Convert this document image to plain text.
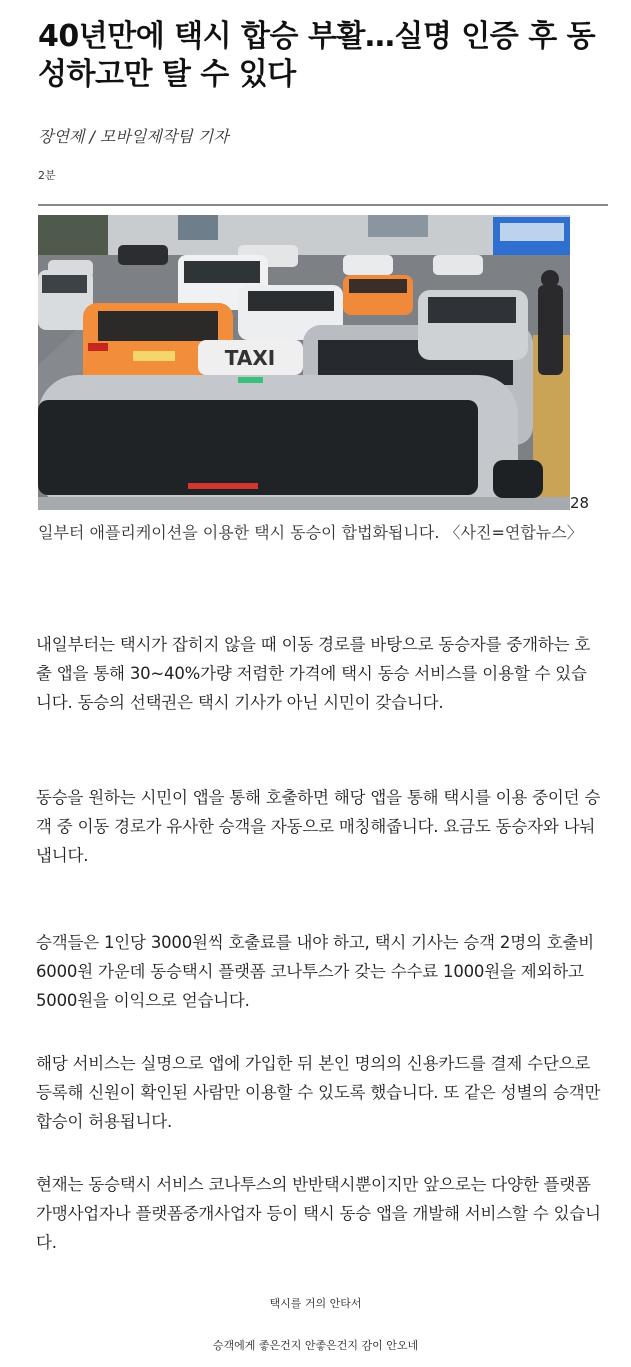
40년만에 택시 합승 부활…실명 인증 후 동성하고만 탈 수 있다
장연제 / 모바일제작팀 기자
2분
TAXI
28
일부터 애플리케이션을 이용한 택시 동승이 합법화됩니다. 〈사진=연합뉴스〉

내일부터는 택시가 잡히지 않을 때 이동 경로를 바탕으로 동승자를 중개하는 호출 앱을 통해 30~40%가량 저렴한 가격에 택시 동승 서비스를 이용할 수 있습니다. 동승의 선택권은 택시 기사가 아닌 시민이 갖습니다.

동승을 원하는 시민이 앱을 통해 호출하면 해당 앱을 통해 택시를 이용 중이던 승객 중 이동 경로가 유사한 승객을 자동으로 매칭해줍니다. 요금도 동승자와 나눠 냅니다.

승객들은 1인당 3000원씩 호출료를 내야 하고, 택시 기사는 승객 2명의 호출비 6000원 가운데 동승택시 플랫폼 코나투스가 갖는 수수료 1000원을 제외하고 5000원을 이익으로 얻습니다.

해당 서비스는 실명으로 앱에 가입한 뒤 본인 명의의 신용카드를 결제 수단으로 등록해 신원이 확인된 사람만 이용할 수 있도록 했습니다. 또 같은 성별의 승객만 합승이 허용됩니다.

현재는 동승택시 서비스 코나투스의 반반택시뿐이지만 앞으로는 다양한 플랫폼가맹사업자나 플랫폼중개사업자 등이 택시 동승 앱을 개발해 서비스할 수 있습니다.

택시를 거의 안타서
승객에게 좋은건지 안좋은건지 감이 안오네
